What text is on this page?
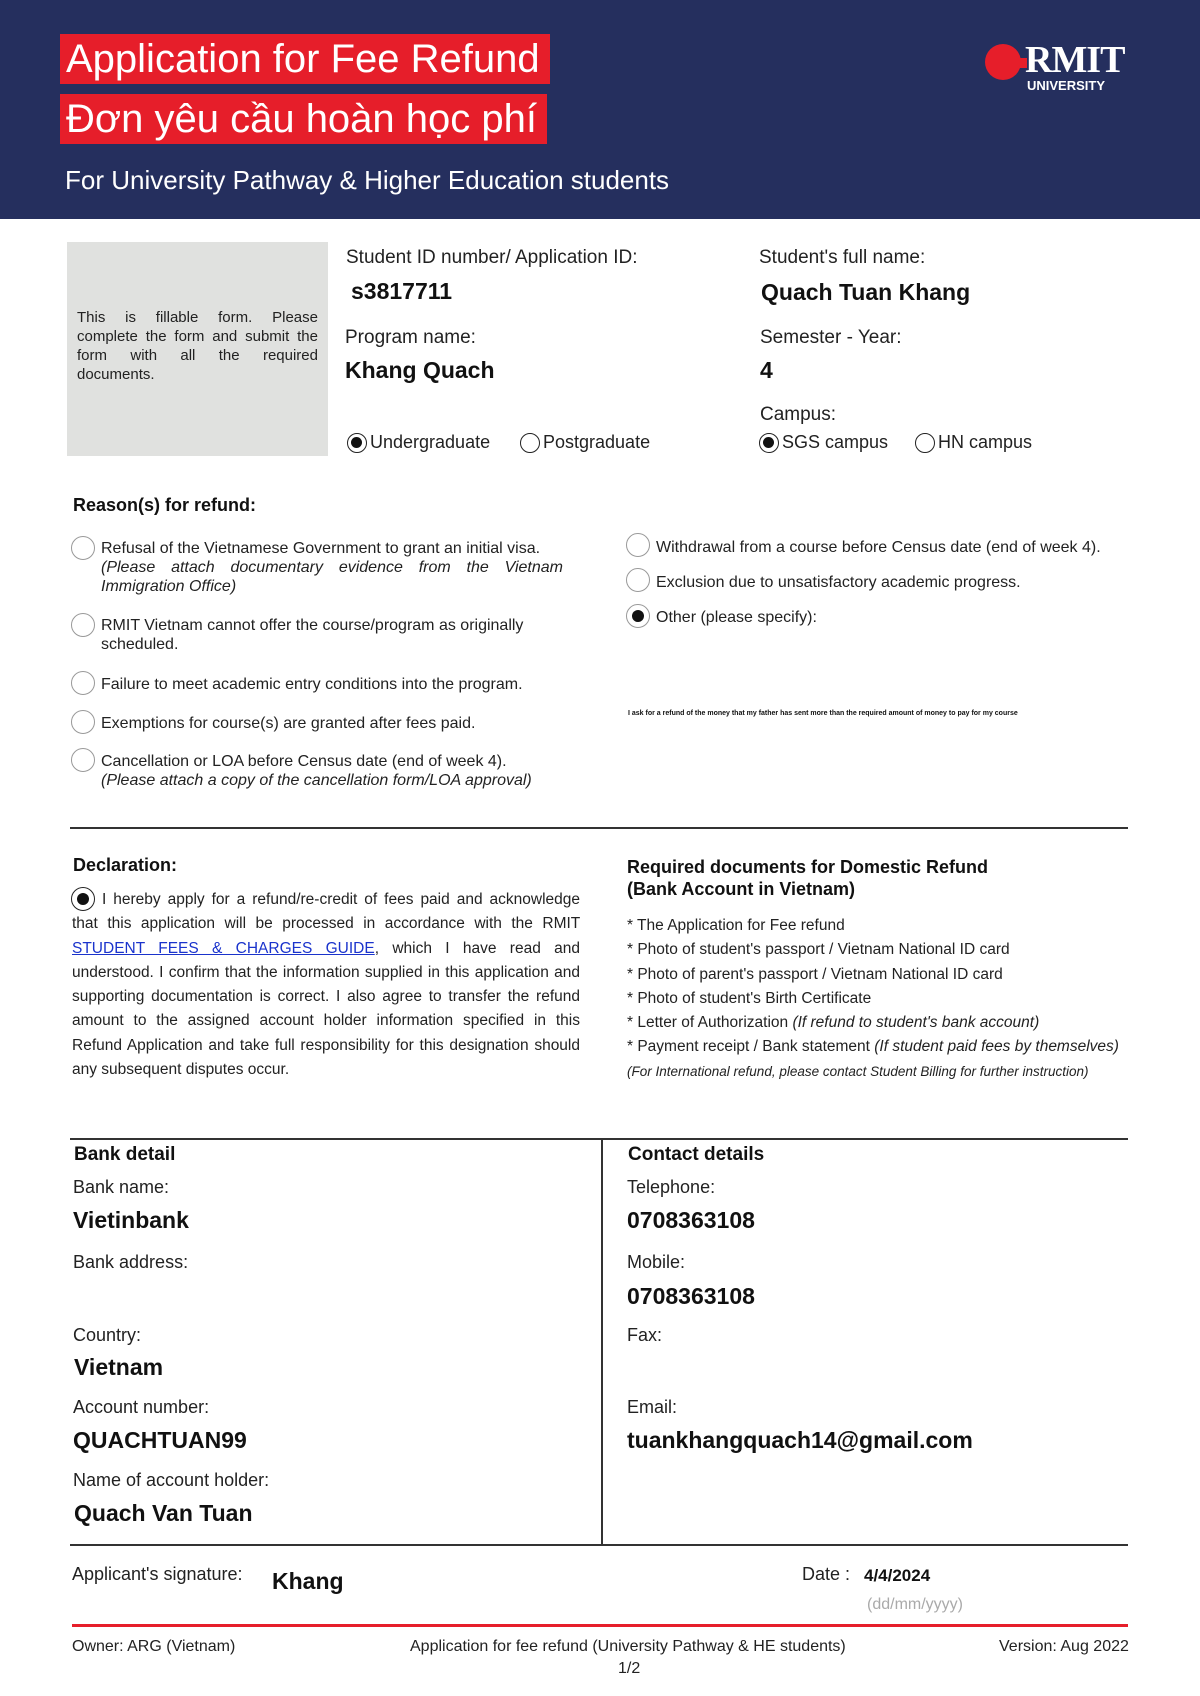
Application for Fee Refund
Đơn yêu cầu hoàn học phí
For University Pathway & Higher Education students
RMIT
UNIVERSITY
This is fillable form. Please complete the form and submit the form with all the required documents.
Student ID number/ Application ID:
s3817711
Student's full name:
Quach Tuan Khang
Program name:
Khang Quach
Semester - Year:
4
Campus:
Undergraduate	Postgraduate	SGS campus	HN campus
Reason(s) for refund:
Refusal of the Vietnamese Government to grant an initial visa.
(Please attach documentary evidence from the Vietnam Immigration Office)
RMIT Vietnam cannot offer the course/program as originally scheduled.
Failure to meet academic entry conditions into the program.
Exemptions for course(s) are granted after fees paid.
Cancellation or LOA before Census date (end of week 4).
(Please attach a copy of the cancellation form/LOA approval)
Withdrawal from a course before Census date (end of week 4).
Exclusion due to unsatisfactory academic progress.
Other (please specify):
I ask for a refund of the money that my father has sent more than the required amount of money to pay for my course
Declaration:
I hereby apply for a refund/re-credit of fees paid and acknowledge that this application will be processed in accordance with the RMIT STUDENT FEES & CHARGES GUIDE, which I have read and understood. I confirm that the information supplied in this application and supporting documentation is correct. I also agree to transfer the refund amount to the assigned account holder information specified in this Refund Application and take full responsibility for this designation should any subsequent disputes occur.
Required documents for Domestic Refund
(Bank Account in Vietnam)
* The Application for Fee refund
* Photo of student's passport / Vietnam National ID card
* Photo of parent's passport / Vietnam National ID card
* Photo of student's Birth Certificate
* Letter of Authorization (If refund to student's bank account)
* Payment receipt / Bank statement (If student paid fees by themselves)
(For International refund, please contact Student Billing for further instruction)
Bank detail
Bank name:
Vietinbank
Bank address:
Country:
Vietnam
Account number:
QUACHTUAN99
Name of account holder:
Quach Van Tuan
Contact details
Telephone:
0708363108
Mobile:
0708363108
Fax:
Email:
tuankhangquach14@gmail.com
Applicant's signature: Khang	Date : 4/4/2024
(dd/mm/yyyy)
Owner: ARG (Vietnam)	Application for fee refund (University Pathway & HE students)
1/2
Version: Aug 2022
